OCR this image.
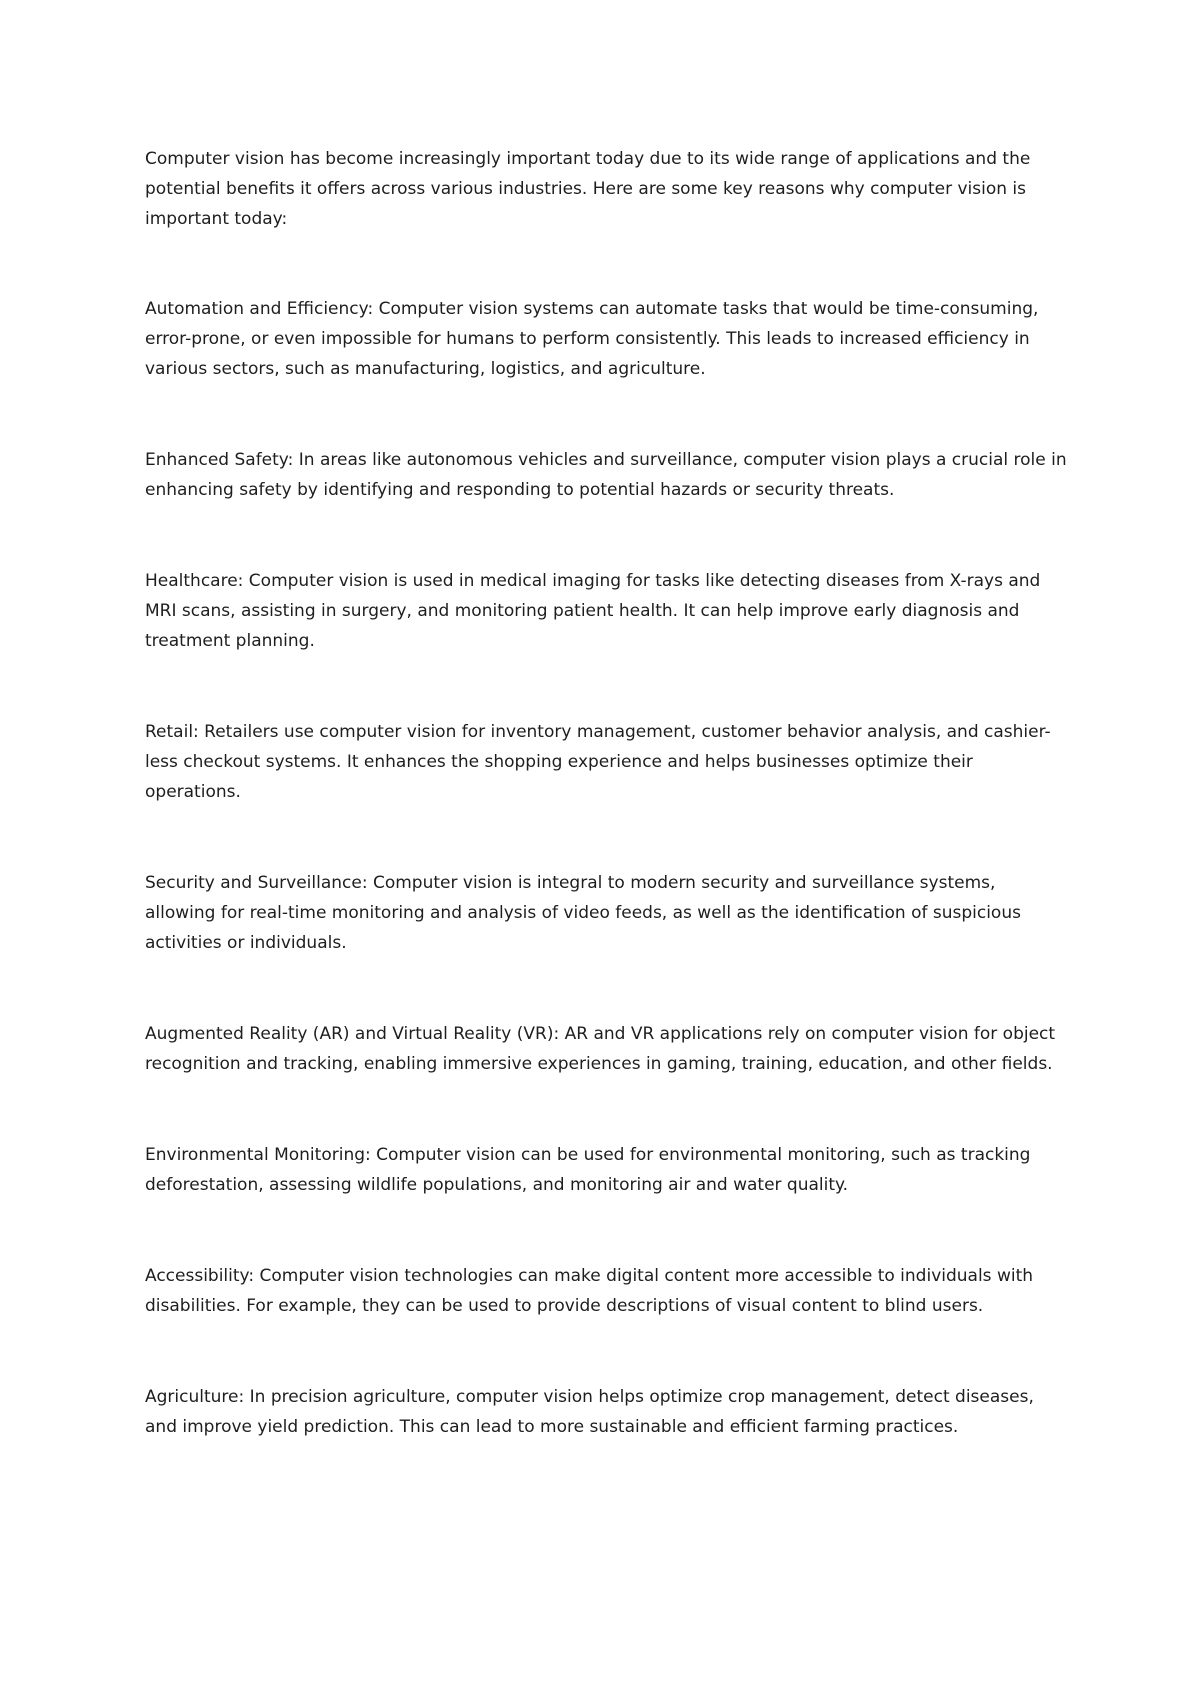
Computer vision has become increasingly important today due to its wide range of applications and the potential benefits it offers across various industries. Here are some key reasons why computer vision is important today:

Automation and Efficiency: Computer vision systems can automate tasks that would be time-consuming, error-prone, or even impossible for humans to perform consistently. This leads to increased efficiency in various sectors, such as manufacturing, logistics, and agriculture.

Enhanced Safety: In areas like autonomous vehicles and surveillance, computer vision plays a crucial role in enhancing safety by identifying and responding to potential hazards or security threats.

Healthcare: Computer vision is used in medical imaging for tasks like detecting diseases from X-rays and MRI scans, assisting in surgery, and monitoring patient health. It can help improve early diagnosis and treatment planning.

Retail: Retailers use computer vision for inventory management, customer behavior analysis, and cashier-less checkout systems. It enhances the shopping experience and helps businesses optimize their operations.

Security and Surveillance: Computer vision is integral to modern security and surveillance systems, allowing for real-time monitoring and analysis of video feeds, as well as the identification of suspicious activities or individuals.

Augmented Reality (AR) and Virtual Reality (VR): AR and VR applications rely on computer vision for object recognition and tracking, enabling immersive experiences in gaming, training, education, and other fields.

Environmental Monitoring: Computer vision can be used for environmental monitoring, such as tracking deforestation, assessing wildlife populations, and monitoring air and water quality.

Accessibility: Computer vision technologies can make digital content more accessible to individuals with disabilities. For example, they can be used to provide descriptions of visual content to blind users.

Agriculture: In precision agriculture, computer vision helps optimize crop management, detect diseases, and improve yield prediction. This can lead to more sustainable and efficient farming practices.
